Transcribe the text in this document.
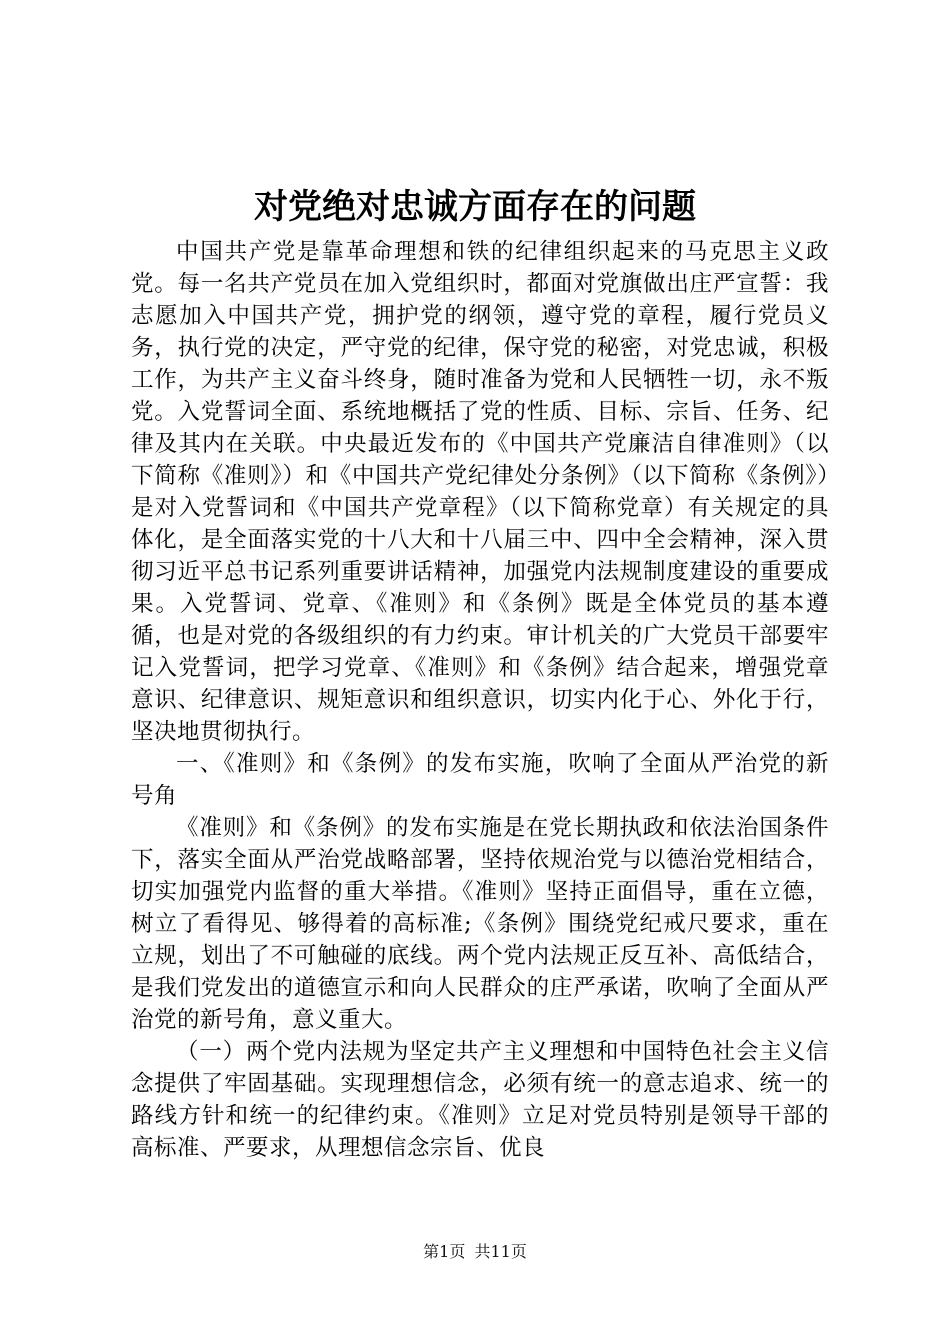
对党绝对忠诚方面存在的问题

中国共产党是靠革命理想和铁的纪律组织起来的马克思主义政党。每一名共产党员在加入党组织时，都面对党旗做出庄严宣誓：我志愿加入中国共产党，拥护党的纲领，遵守党的章程，履行党员义务，执行党的决定，严守党的纪律，保守党的秘密，对党忠诚，积极工作，为共产主义奋斗终身，随时准备为党和人民牺牲一切，永不叛党。入党誓词全面、系统地概括了党的性质、目标、宗旨、任务、纪律及其内在关联。中央最近发布的《中国共产党廉洁自律准则》（以下简称《准则》）和《中国共产党纪律处分条例》（以下简称《条例》）是对入党誓词和《中国共产党章程》（以下简称党章）有关规定的具体化，是全面落实党的十八大和十八届三中、四中全会精神，深入贯彻习近平总书记系列重要讲话精神，加强党内法规制度建设的重要成果。入党誓词、党章、《准则》和《条例》既是全体党员的基本遵循，也是对党的各级组织的有力约束。审计机关的广大党员干部要牢记入党誓词，把学习党章、《准则》和《条例》结合起来，增强党章意识、纪律意识、规矩意识和组织意识，切实内化于心、外化于行，坚决地贯彻执行。

一、《准则》和《条例》的发布实施，吹响了全面从严治党的新号角

《准则》和《条例》的发布实施是在党长期执政和依法治国条件下，落实全面从严治党战略部署，坚持依规治党与以德治党相结合，切实加强党内监督的重大举措。《准则》坚持正面倡导，重在立德，树立了看得见、够得着的高标准;《条例》围绕党纪戒尺要求，重在立规，划出了不可触碰的底线。两个党内法规正反互补、高低结合，是我们党发出的道德宣示和向人民群众的庄严承诺，吹响了全面从严治党的新号角，意义重大。

（一）两个党内法规为坚定共产主义理想和中国特色社会主义信念提供了牢固基础。实现理想信念，必须有统一的意志追求、统一的路线方针和统一的纪律约束。《准则》立足对党员特别是领导干部的高标准、严要求，从理想信念宗旨、优良

第1页 共11页
